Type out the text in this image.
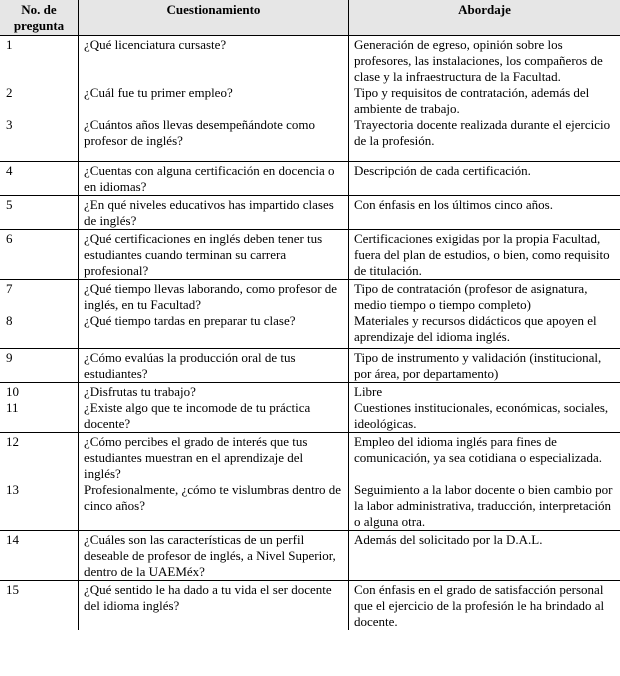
No. de pregunta	Cuestionamiento	Abordaje
1	¿Qué licenciatura cursaste?	Generación de egreso, opinión sobre los profesores, las instalaciones, los compañeros de clase y la infraestructura de la Facultad.
2	¿Cuál fue tu primer empleo?	Tipo y requisitos de contratación, además del ambiente de trabajo.
3	¿Cuántos años llevas desempeñándote como profesor de inglés?	Trayectoria docente realizada durante el ejercicio de la profesión.
4	¿Cuentas con alguna certificación en docencia o en idiomas?	Descripción de cada certificación.
5	¿En qué niveles educativos has impartido clases de inglés?	Con énfasis en los últimos cinco años.
6	¿Qué certificaciones en inglés deben tener tus estudiantes cuando terminan su carrera profesional?	Certificaciones exigidas por la propia Facultad, fuera del plan de estudios, o bien, como requisito de titulación.
7	¿Qué tiempo llevas laborando, como profesor de inglés, en tu Facultad?	Tipo de contratación (profesor de asignatura, medio tiempo o tiempo completo)
8	¿Qué tiempo tardas en preparar tu clase?	Materiales y recursos didácticos que apoyen el aprendizaje del idioma inglés.
9	¿Cómo evalúas la producción oral de tus estudiantes?	Tipo de instrumento y validación (institucional, por área, por departamento)
10	¿Disfrutas tu trabajo?	Libre
11	¿Existe algo que te incomode de tu práctica docente?	Cuestiones institucionales, económicas, sociales, ideológicas.
12	¿Cómo percibes el grado de interés que tus estudiantes muestran en el aprendizaje del inglés?	Empleo del idioma inglés para fines de comunicación, ya sea cotidiana o especializada.
13	Profesionalmente, ¿cómo te vislumbras dentro de cinco años?	Seguimiento a la labor docente o bien cambio por la labor administrativa, traducción, interpretación o alguna otra.
14	¿Cuáles son las características de un perfil deseable de profesor de inglés, a Nivel Superior, dentro de la UAEMéx?	Además del solicitado por la D.A.L.
15	¿Qué sentido le ha dado a tu vida el ser docente del idioma inglés?	Con énfasis en el grado de satisfacción personal que el ejercicio de la profesión le ha brindado al docente.
